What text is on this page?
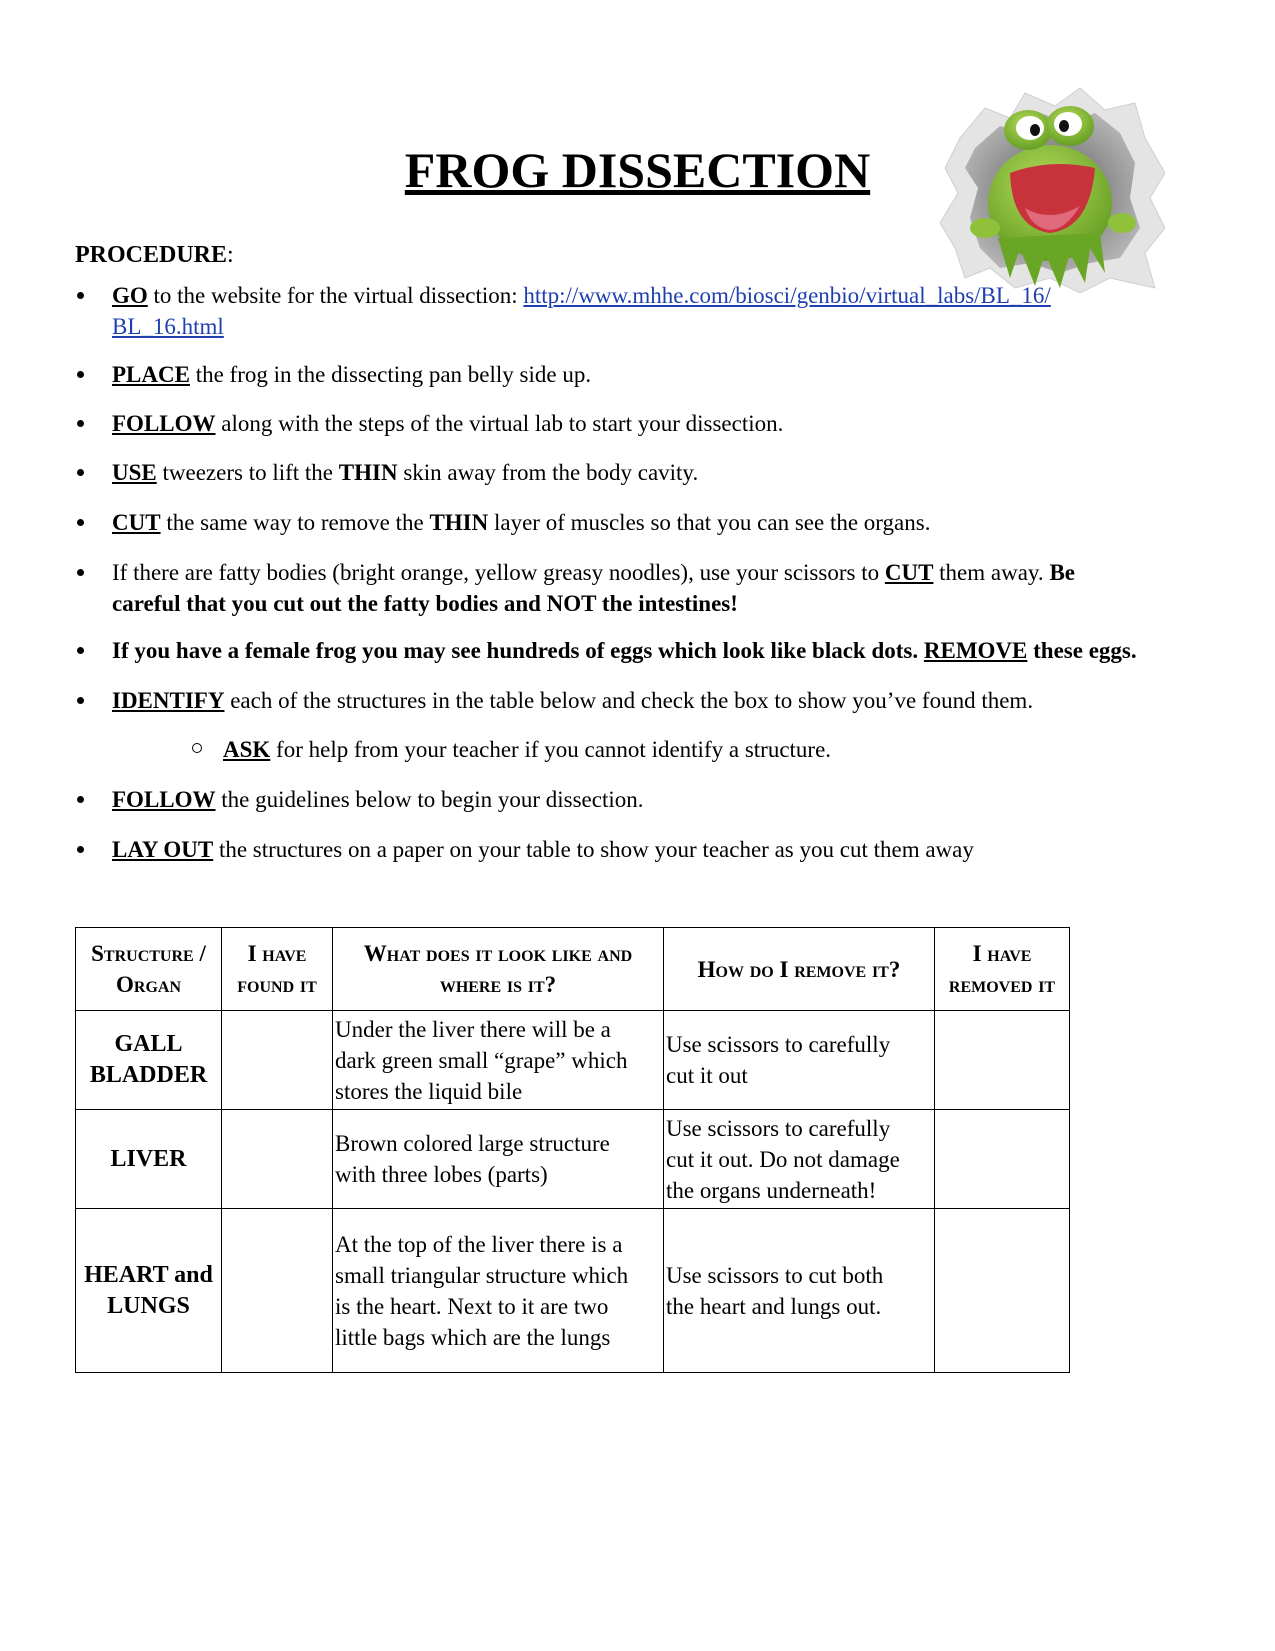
FROG DISSECTION
PROCEDURE:
GO to the website for the virtual dissection: http://www.mhhe.com/biosci/genbio/virtual_labs/BL_16/
BL_16.html
PLACE the frog in the dissecting pan belly side up.
FOLLOW along with the steps of the virtual lab to start your dissection.
USE tweezers to lift the THIN skin away from the body cavity.
CUT the same way to remove the THIN layer of muscles so that you can see the organs.
If there are fatty bodies (bright orange, yellow greasy noodles), use your scissors to CUT them away. Be
careful that you cut out the fatty bodies and NOT the intestines!
If you have a female frog you may see hundreds of eggs which look like black dots. REMOVE these eggs.
IDENTIFY each of the structures in the table below and check the box to show you’ve found them.
ASK for help from your teacher if you cannot identify a structure.
FOLLOW the guidelines below to begin your dissection.
LAY OUT the structures on a paper on your table to show your teacher as you cut them away
Structure /
Organ	I have
found it	What does it look like and
where is it?	How do I remove it?	I have
removed it
GALL
BLADDER		Under the liver there will be a
dark green small “grape” which
stores the liquid bile	Use scissors to carefully
cut it out	
LIVER		Brown colored large structure
with three lobes (parts)	Use scissors to carefully
cut it out. Do not damage
the organs underneath!	
HEART and
LUNGS		At the top of the liver there is a
small triangular structure which
is the heart. Next to it are two
little bags which are the lungs	Use scissors to cut both
the heart and lungs out.	
